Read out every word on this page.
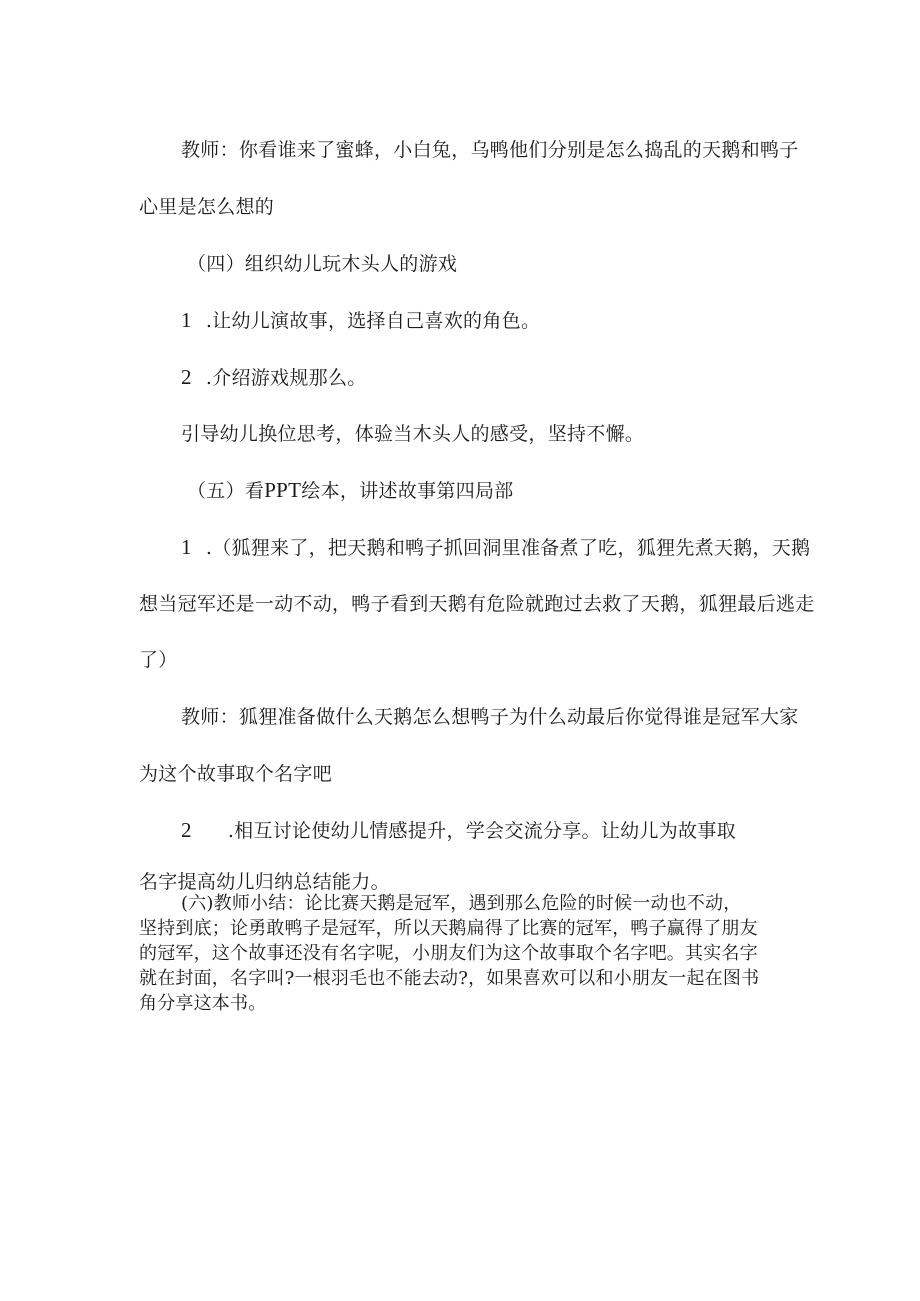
教师：你看谁来了蜜蜂，小白兔，乌鸭他们分别是怎么捣乱的天鹅和鸭子
心里是怎么想的
（四）组织幼儿玩木头人的游戏
1 .让幼儿演故事，选择自己喜欢的角色。
2 .介绍游戏规那么。
引导幼儿换位思考，体验当木头人的感受，坚持不懈。
（五）看PPT绘本，讲述故事第四局部
1 .（狐狸来了，把天鹅和鸭子抓回洞里准备煮了吃，狐狸先煮天鹅，天鹅
想当冠军还是一动不动，鸭子看到天鹅有危险就跑过去救了天鹅，狐狸最后逃走
了）
教师：狐狸准备做什么天鹅怎么想鸭子为什么动最后你觉得谁是冠军大家
为这个故事取个名字吧
2 .相互讨论使幼儿情感提升，学会交流分享。让幼儿为故事取
名字提高幼儿归纳总结能力。
(六)教师小结：论比赛天鹅是冠军，遇到那么危险的时候一动也不动，
坚持到底；论勇敢鸭子是冠军，所以天鹅扁得了比赛的冠军，鸭子赢得了朋友
的冠军，这个故事还没有名字呢，小朋友们为这个故事取个名字吧。其实名字
就在封面，名字叫?一根羽毛也不能去动?，如果喜欢可以和小朋友一起在图书
角分享这本书。
